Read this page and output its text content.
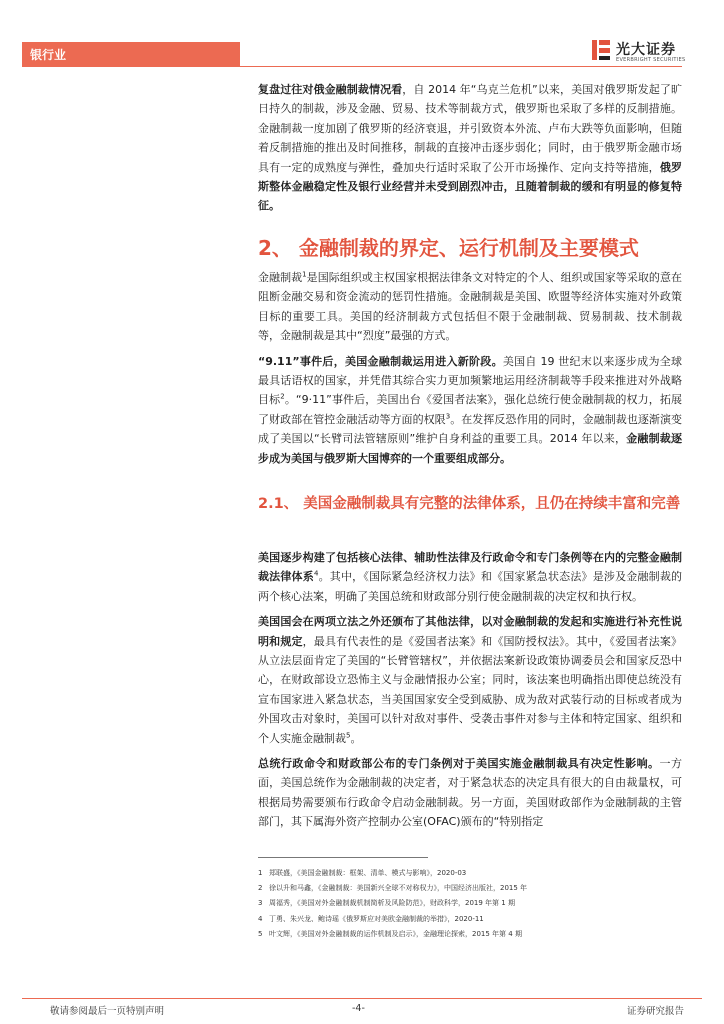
银行业	光大证券
EVERBRIGHT SECURITIES

复盘过往对俄金融制裁情况看，自 2014 年“乌克兰危机”以来，美国对俄罗斯发起了旷日持久的制裁，涉及金融、贸易、技术等制裁方式，俄罗斯也采取了多样的反制措施。金融制裁一度加剧了俄罗斯的经济衰退，并引致资本外流、卢布大跌等负面影响，但随着反制措施的推出及时间推移，制裁的直接冲击逐步弱化；同时，由于俄罗斯金融市场具有一定的成熟度与弹性，叠加央行适时采取了公开市场操作、定向支持等措施，俄罗斯整体金融稳定性及银行业经营并未受到剧烈冲击，且随着制裁的缓和有明显的修复特征。

2、 金融制裁的界定、运行机制及主要模式

金融制裁$^1$是国际组织或主权国家根据法律条文对特定的个人、组织或国家等采取的意在阻断金融交易和资金流动的惩罚性措施。金融制裁是美国、欧盟等经济体实施对外政策目标的重要工具。美国的经济制裁方式包括但不限于金融制裁、贸易制裁、技术制裁等，金融制裁是其中“烈度”最强的方式。

“9.11”事件后，美国金融制裁运用进入新阶段。美国自 19 世纪末以来逐步成为全球最具话语权的国家，并凭借其综合实力更加频繁地运用经济制裁等手段来推进对外战略目标$^2$。“9·11”事件后，美国出台《爱国者法案》，强化总统行使金融制裁的权力，拓展了财政部在管控金融活动等方面的权限$^3$。在发挥反恐作用的同时，金融制裁也逐渐演变成了美国以“长臂司法管辖原则”维护自身利益的重要工具。2014 年以来，金融制裁逐步成为美国与俄罗斯大国博弈的一个重要组成部分。

2.1、 美国金融制裁具有完整的法律体系，且仍在持续丰富和完善

美国逐步构建了包括核心法律、辅助性法律及行政命令和专门条例等在内的完整金融制裁法律体系$^4$。其中，《国际紧急经济权力法》和《国家紧急状态法》是涉及金融制裁的两个核心法案，明确了美国总统和财政部分别行使金融制裁的决定权和执行权。

美国国会在两项立法之外还颁布了其他法律，以对金融制裁的发起和实施进行补充性说明和规定，最具有代表性的是《爱国者法案》和《国防授权法》。其中，《爱国者法案》从立法层面肯定了美国的“长臂管辖权”，并依据法案新设政策协调委员会和国家反恐中心，在财政部设立恐怖主义与金融情报办公室；同时，该法案也明确指出即使总统没有宣布国家进入紧急状态，当美国国家安全受到威胁、成为敌对武装行动的目标或者成为外国攻击对象时，美国可以针对敌对事件、受袭击事件对参与主体和特定国家、组织和个人实施金融制裁$^5$。

总统行政命令和财政部公布的专门条例对于美国实施金融制裁具有决定性影响。一方面，美国总统作为金融制裁的决定者，对于紧急状态的决定具有很大的自由裁量权，可根据局势需要颁布行政命令启动金融制裁。另一方面，美国财政部作为金融制裁的主管部门，其下属海外资产控制办公室(OFAC)颁布的“特别指定

1 郑联盛，《美国金融制裁：框架、清单、模式与影响》，2020-03
2 徐以升和马鑫，《金融制裁：美国新兴全球不对称权力》，中国经济出版社，2015 年
3 周福秀，《美国对外金融制裁机制简析及风险防范》，财政科学，2019 年第 1 期
4 丁勇、朱兴龙、鲍诗瑶《俄罗斯应对美欧金融制裁的举措》，2020-11
5 叶文辉，《美国对外金融制裁的运作机制及启示》，金融理论探索，2015 年第 4 期
敬请参阅最后一页特别声明	-4-	证券研究报告
